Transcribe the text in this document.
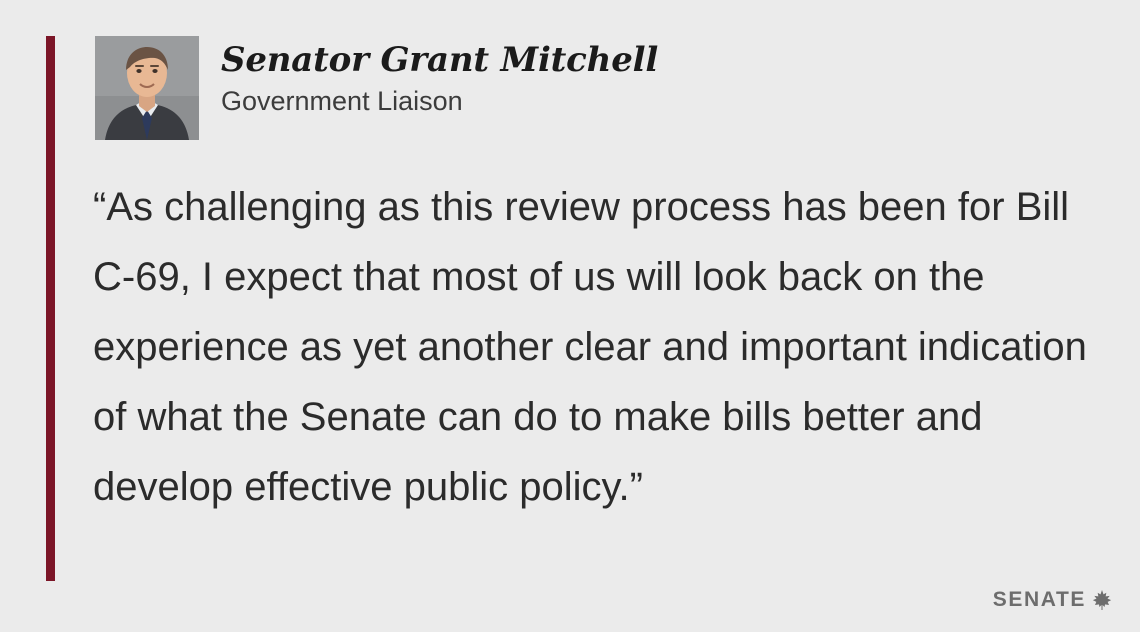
Senator Grant Mitchell
Government Liaison
“As challenging as this review process has been for Bill C-69, I expect that most of us will look back on the experience as yet another clear and important indication of what the Senate can do to make bills better and develop effective public policy.”
SENATE
